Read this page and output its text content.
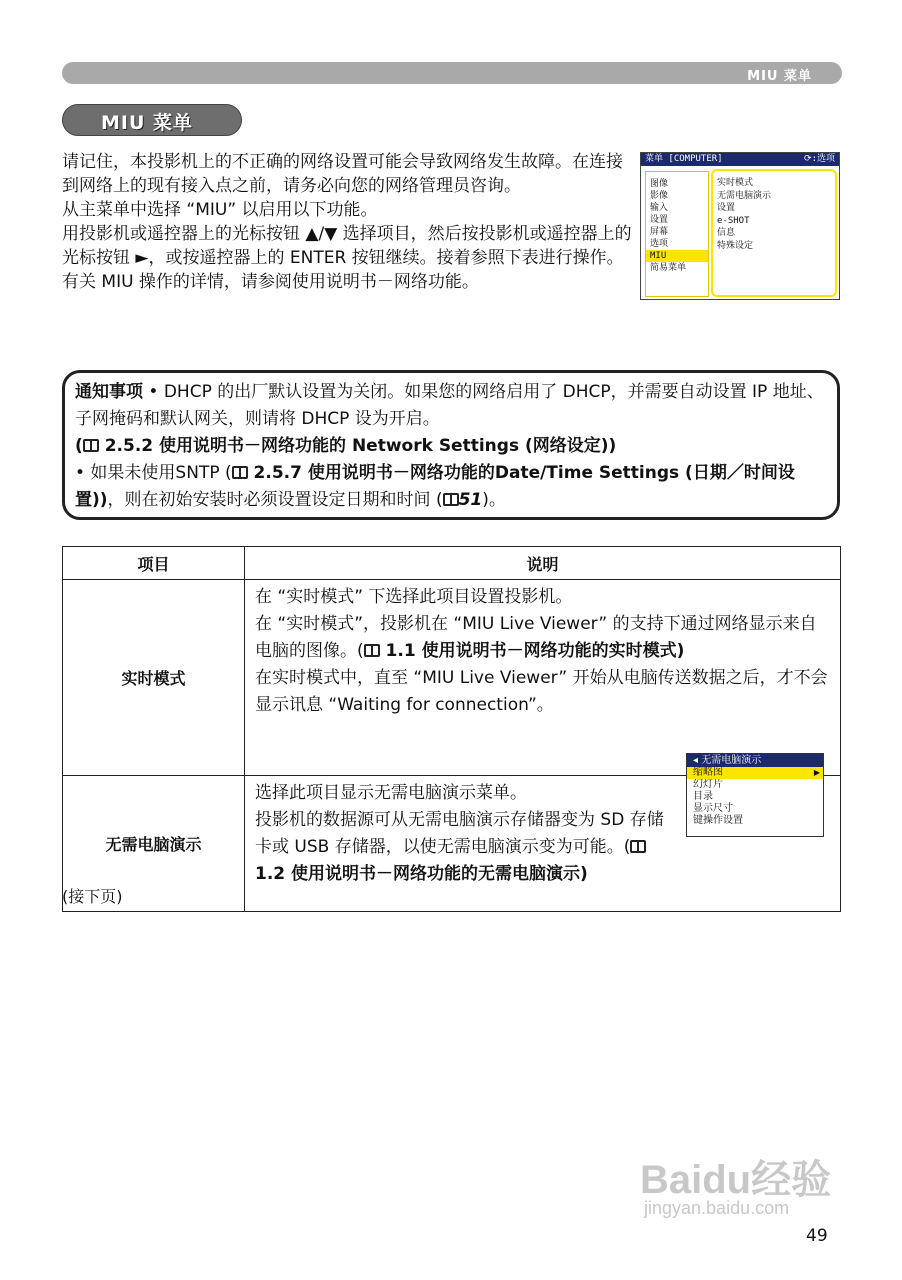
MIU 菜单
MIU 菜单

请记住，本投影机上的不正确的网络设置可能会导致网络发生故障。在连接到网络上的现有接入点之前，请务必向您的网络管理员咨询。

从主菜单中选择 “MIU” 以启用以下功能。

用投影机或遥控器上的光标按钮 ▲/▼ 选择项目，然后按投影机或遥控器上的光标按钮 ►，或按遥控器上的 ENTER 按钮继续。接着参照下表进行操作。

有关 MIU 操作的详情，请参阅使用说明书－网络功能。

菜单 [COMPUTER]	⟳:选项
图像
影像
输入
设置
屏幕
选项
MIU
简易菜单
实时模式
无需电脑演示
设置
e-SHOT
信息
特殊设定

通知事项 • DHCP 的出厂默认设置为关闭。如果您的网络启用了 DHCP，并需要自动设置 IP 地址、子网掩码和默认网关，则请将 DHCP 设为开启。

( 2.5.2 使用说明书－网络功能的 Network Settings (网络设定))

• 如果未使用SNTP ( 2.5.7 使用说明书－网络功能的Date/Time Settings (日期／时间设置))，则在初始安装时必须设置设定日期和时间 ( 51)。

项目	说明
实时模式	在 “实时模式” 下选择此项目设置投影机。
在 “实时模式”，投影机在 “MIU Live Viewer” 的支持下通过网络显示来自电脑的图像。( 1.1 使用说明书－网络功能的实时模式)
在实时模式中，直至 “MIU Live Viewer” 开始从电脑传送数据之后，才不会显示讯息 “Waiting for connection”。

无需电脑演示	选择此项目显示无需电脑演示菜单。
投影机的数据源可从无需电脑演示存储器变为 SD 存储卡或 USB 存储器，以使无需电脑演示变为可能。( 1.2 使用说明书－网络功能的无需电脑演示)
◂ 无需电脑演示
缩略图 ▶
幻灯片
目录
显示尺寸
键操作设置
(接下页)
Baidu经验
jingyan.baidu.com
49
